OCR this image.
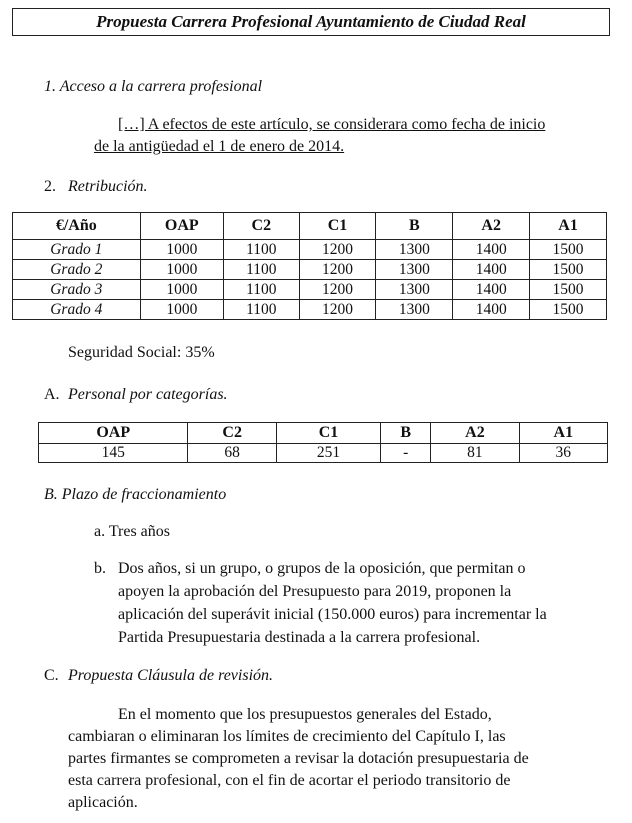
Propuesta Carrera Profesional Ayuntamiento de Ciudad Real
1. Acceso a la carrera profesional
[…] A efectos de este artículo, se considerara como fecha de inicio
de la antigüedad el 1 de enero de 2014.
2. Retribución.
€/Año	OAP	C2	C1	B	A2	A1
Grado 1	1000	1100	1200	1300	1400	1500
Grado 2	1000	1100	1200	1300	1400	1500
Grado 3	1000	1100	1200	1300	1400	1500
Grado 4	1000	1100	1200	1300	1400	1500
Seguridad Social: 35%
A. Personal por categorías.
OAP	C2	C1	B	A2	A1
145	68	251	-	81	36
B. Plazo de fraccionamiento
a. Tres años
b. Dos años, si un grupo, o grupos de la oposición, que permitan o
apoyen la aprobación del Presupuesto para 2019, proponen la
aplicación del superávit inicial (150.000 euros) para incrementar la
Partida Presupuestaria destinada a la carrera profesional.
C. Propuesta Cláusula de revisión.
En el momento que los presupuestos generales del Estado,
cambiaran o eliminaran los límites de crecimiento del Capítulo I, las
partes firmantes se comprometen a revisar la dotación presupuestaria de
esta carrera profesional, con el fin de acortar el periodo transitorio de
aplicación.
